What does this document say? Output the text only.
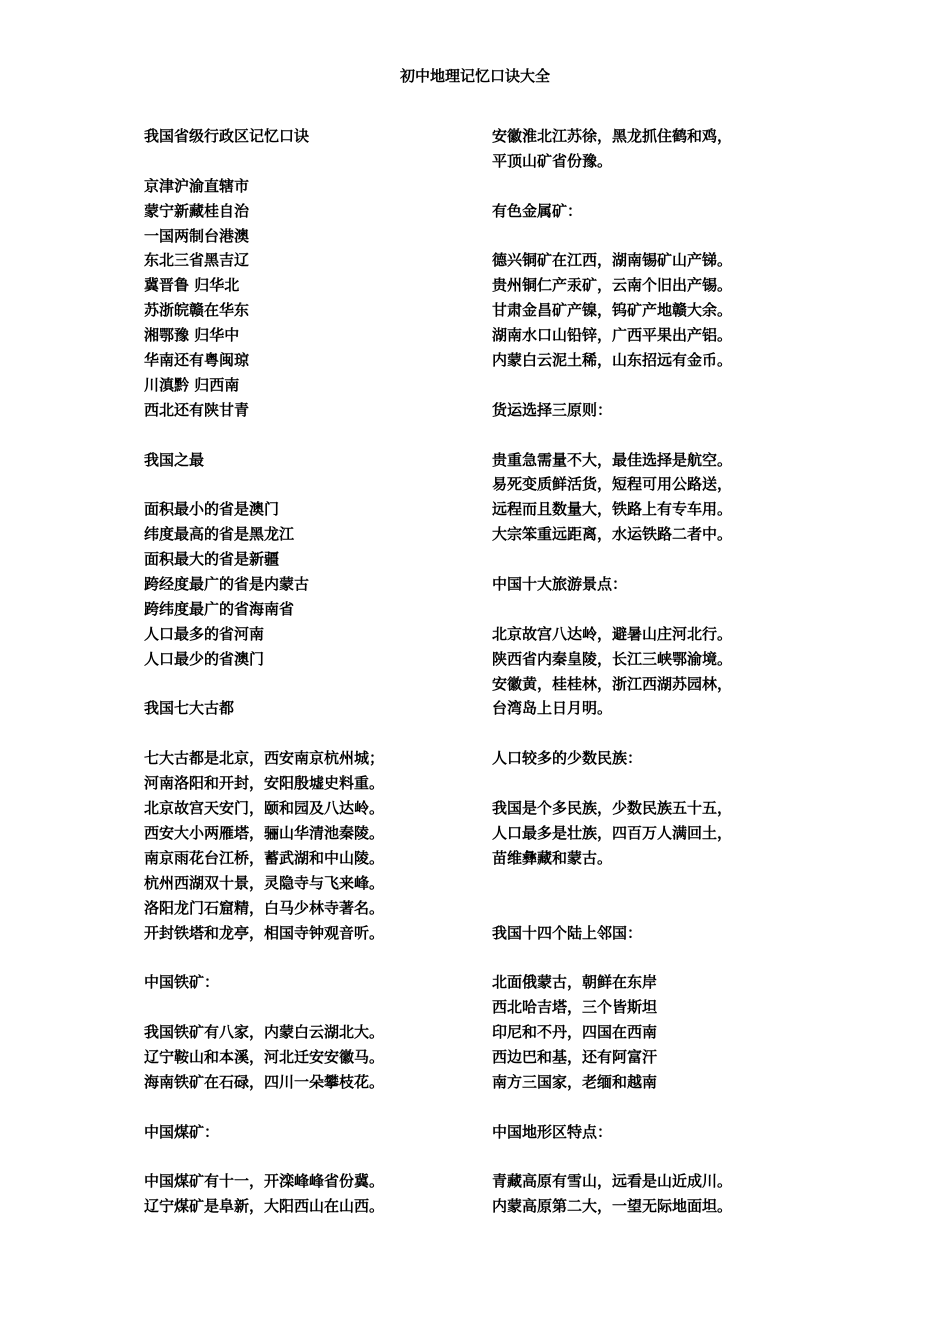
初中地理记忆口诀大全
我国省级行政区记忆口诀
京津沪渝直辖市
蒙宁新藏桂自治
一国两制台港澳
东北三省黑吉辽
冀晋鲁 归华北
苏浙皖赣在华东
湘鄂豫 归华中
华南还有粤闽琼
川滇黔 归西南
西北还有陕甘青
我国之最
面积最小的省是澳门
纬度最高的省是黑龙江
面积最大的省是新疆
跨经度最广的省是内蒙古
跨纬度最广的省海南省
人口最多的省河南
人口最少的省澳门
我国七大古都
七大古都是北京，西安南京杭州城；
河南洛阳和开封，安阳殷墟史料重。
北京故宫天安门，颐和园及八达岭。
西安大小两雁塔，骊山华清池秦陵。
南京雨花台江桥，蓄武湖和中山陵。
杭州西湖双十景，灵隐寺与飞来峰。
洛阳龙门石窟精，白马少林寺著名。
开封铁塔和龙亭，相国寺钟观音听。
中国铁矿：
我国铁矿有八家，内蒙白云湖北大。
辽宁鞍山和本溪，河北迁安安徽马。
海南铁矿在石碌，四川一朵攀枝花。
中国煤矿：
中国煤矿有十一，开滦峰峰省份冀。
辽宁煤矿是阜新，大阳西山在山西。
安徽淮北江苏徐，黑龙抓住鹤和鸡，
平顶山矿省份豫。
有色金属矿：
德兴铜矿在江西，湖南锡矿山产锑。
贵州铜仁产汞矿，云南个旧出产锡。
甘肃金昌矿产镍，钨矿产地赣大余。
湖南水口山铅锌，广西平果出产铝。
内蒙白云泥土稀，山东招远有金币。
货运选择三原则：
贵重急需量不大，最佳选择是航空。
易死变质鲜活货，短程可用公路送，
远程而且数量大，铁路上有专车用。
大宗笨重远距离，水运铁路二者中。
中国十大旅游景点：
北京故宫八达岭，避暑山庄河北行。
陕西省内秦皇陵，长江三峡鄂渝境。
安徽黄，桂桂林，浙江西湖苏园林，
台湾岛上日月明。
人口较多的少数民族：
我国是个多民族，少数民族五十五，
人口最多是壮族，四百万人满回土，
苗维彝藏和蒙古。
我国十四个陆上邻国：
北面俄蒙古，朝鲜在东岸
西北哈吉塔，三个皆斯坦
印尼和不丹，四国在西南
西边巴和基，还有阿富汗
南方三国家，老缅和越南
中国地形区特点：
青藏高原有雪山，远看是山近成川。
内蒙高原第二大，一望无际地面坦。
